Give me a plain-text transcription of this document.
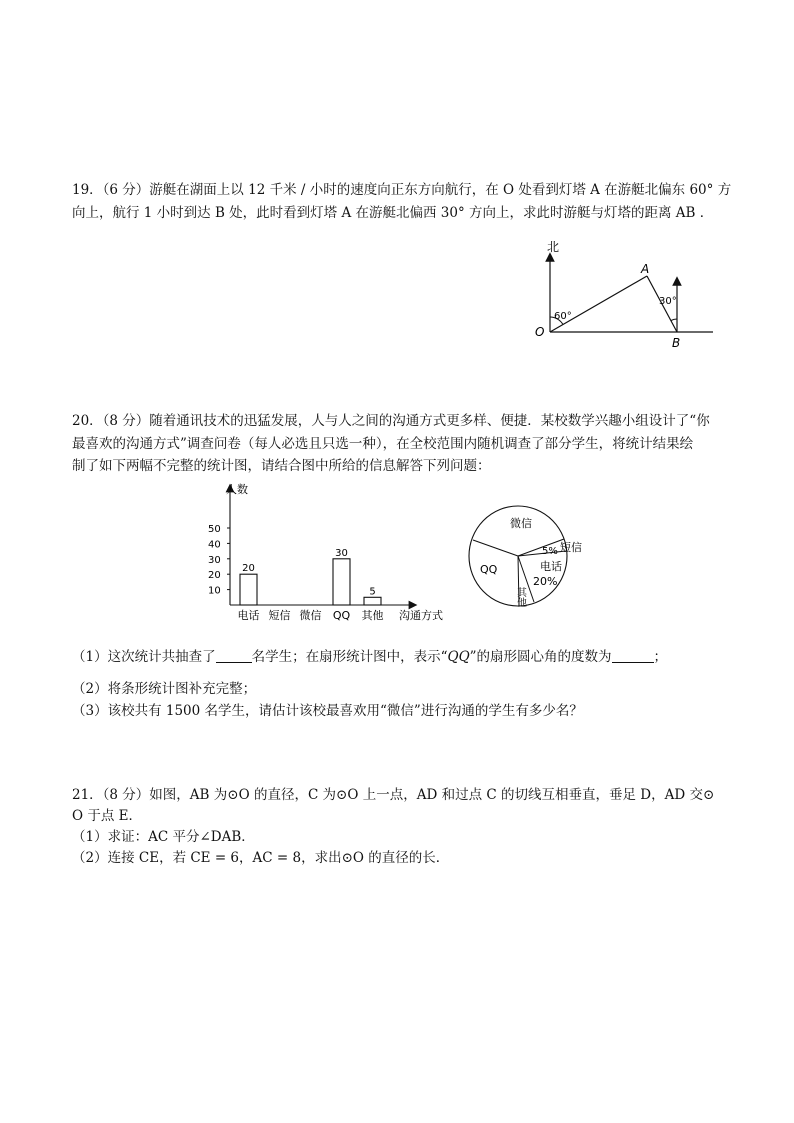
19．（6 分）游艇在湖面上以 12 千米 / 小时的速度向正东方向航行，在 O 处看到灯塔 A 在游艇北偏东 60° 方
向上，航行 1 小时到达 B 处，此时看到灯塔 A 在游艇北偏西 30° 方向上，求此时游艇与灯塔的距离 AB ．
北
A
O
B
60°
30°
20．（8 分）随着通讯技术的迅猛发展，人与人之间的沟通方式更多样、便捷．某校数学兴趣小组设计了“你
最喜欢的沟通方式”调查问卷（每人必选且只选一种），在全校范围内随机调查了部分学生，将统计结果绘
制了如下两幅不完整的统计图，请结合图中所给的信息解答下列问题：
人数
沟通方式
10
20
30
40
50
电话 短信 微信 QQ 其他
20
30
5
微信
QQ
5% 短信
电话
20%
其他
（1）这次统计共抽查了	名学生；在扇形统计图中，表示“QQ”的扇形圆心角的度数为	；
（2）将条形统计图补充完整；
（3）该校共有 1500 名学生，请估计该校最喜欢用“微信”进行沟通的学生有多少名？
21．（8 分）如图，AB 为⊙O 的直径，C 为⊙O 上一点，AD 和过点 C 的切线互相垂直，垂足 D，AD 交⊙
O 于点 E．
（1）求证：AC 平分∠DAB．
（2）连接 CE，若 CE = 6，AC = 8，求出⊙O 的直径的长．
